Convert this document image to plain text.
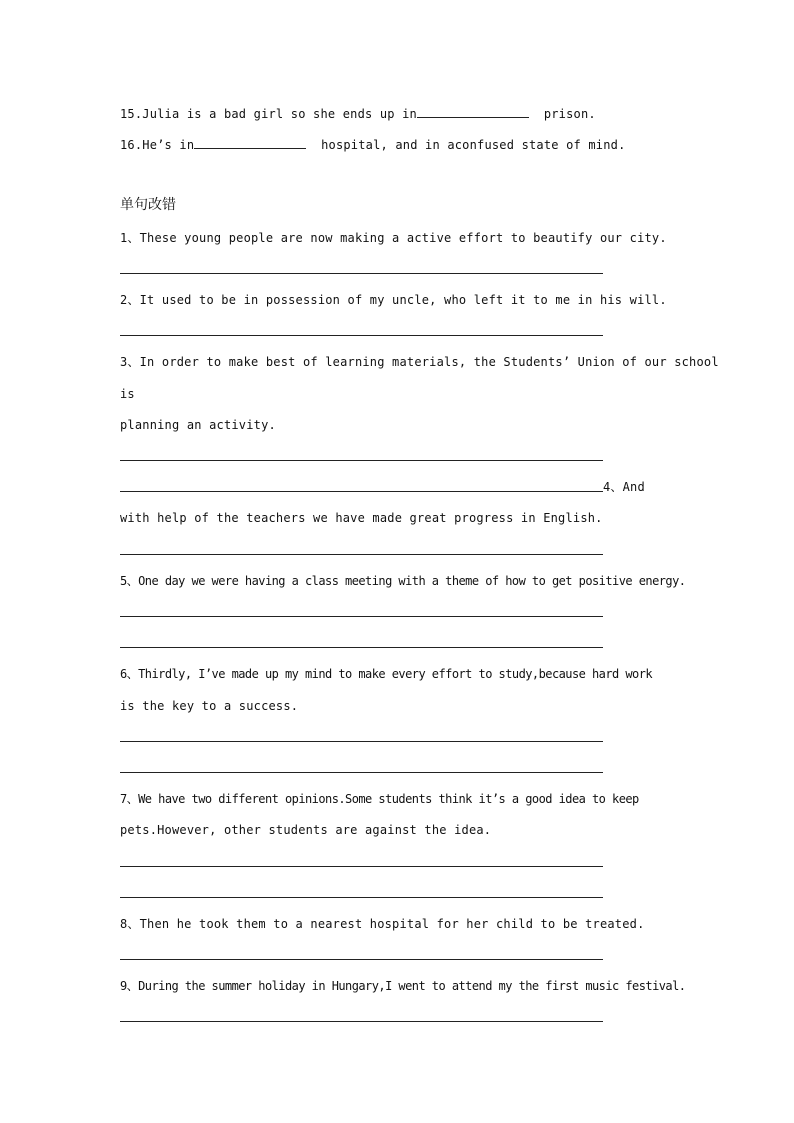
15.Julia is a bad girl so she ends up in	prison.
16.He’s in	hospital, and in aconfused state of mind.
单句改错
1、These young people are now making a active effort to beautify our city.
2、It used to be in possession of my uncle, who left it to me in his will.
3、In order to make best of learning materials, the Students’ Union of our school
is
planning an activity.
4、And
with help of the teachers we have made great progress in English.
5、One day we were having a class meeting with a theme of how to get positive energy.
6、Thirdly, I’ve made up my mind to make every effort to study,because hard work
is the key to a success.
7、We have two different opinions.Some students think it’s a good idea to keep
pets.However, other students are against the idea.
8、Then he took them to a nearest hospital for her child to be treated.
9、During the summer holiday in Hungary,I went to attend my the first music festival.
